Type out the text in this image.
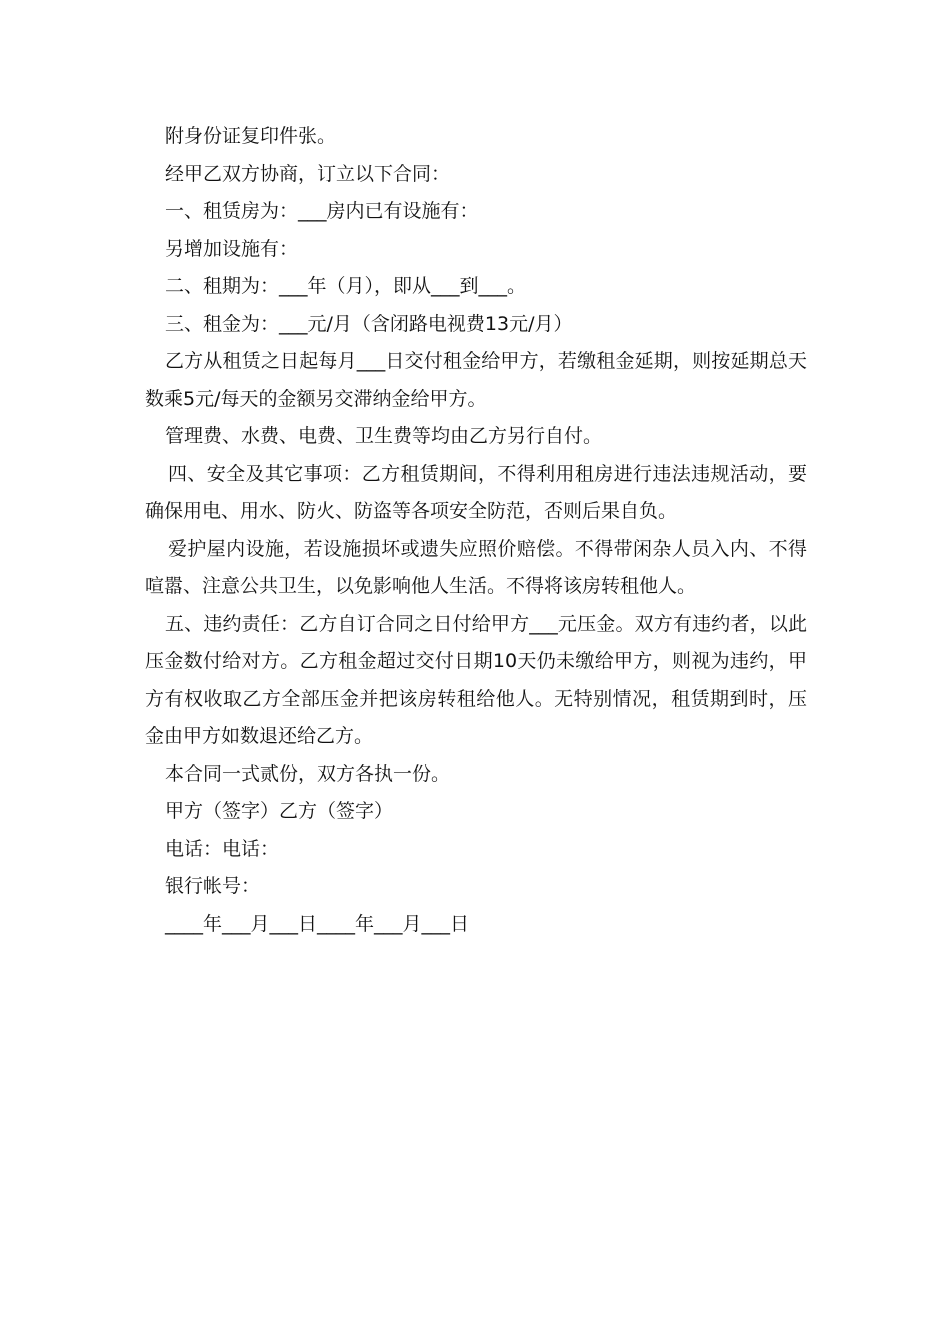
附身份证复印件张。

经甲乙双方协商，订立以下合同：

一、租赁房为：___房内已有设施有：

另增加设施有：

二、租期为：___年（月），即从___到___。

三、租金为：___元/月（含闭路电视费13元/月）

乙方从租赁之日起每月___日交付租金给甲方，若缴租金延期，则按延期总天数乘5元/每天的金额另交滞纳金给甲方。

管理费、水费、电费、卫生费等均由乙方另行自付。

四、安全及其它事项：乙方租赁期间，不得利用租房进行违法违规活动，要确保用电、用水、防火、防盗等各项安全防范，否则后果自负。

爱护屋内设施，若设施损坏或遗失应照价赔偿。不得带闲杂人员入内、不得喧嚣、注意公共卫生，以免影响他人生活。不得将该房转租他人。

五、违约责任：乙方自订合同之日付给甲方___元压金。双方有违约者，以此压金数付给对方。乙方租金超过交付日期10天仍未缴给甲方，则视为违约，甲方有权收取乙方全部压金并把该房转租给他人。无特别情况，租赁期到时，压金由甲方如数退还给乙方。

本合同一式贰份，双方各执一份。

甲方（签字）乙方（签字）

电话：电话：

银行帐号：

____年___月___日____年___月___日
